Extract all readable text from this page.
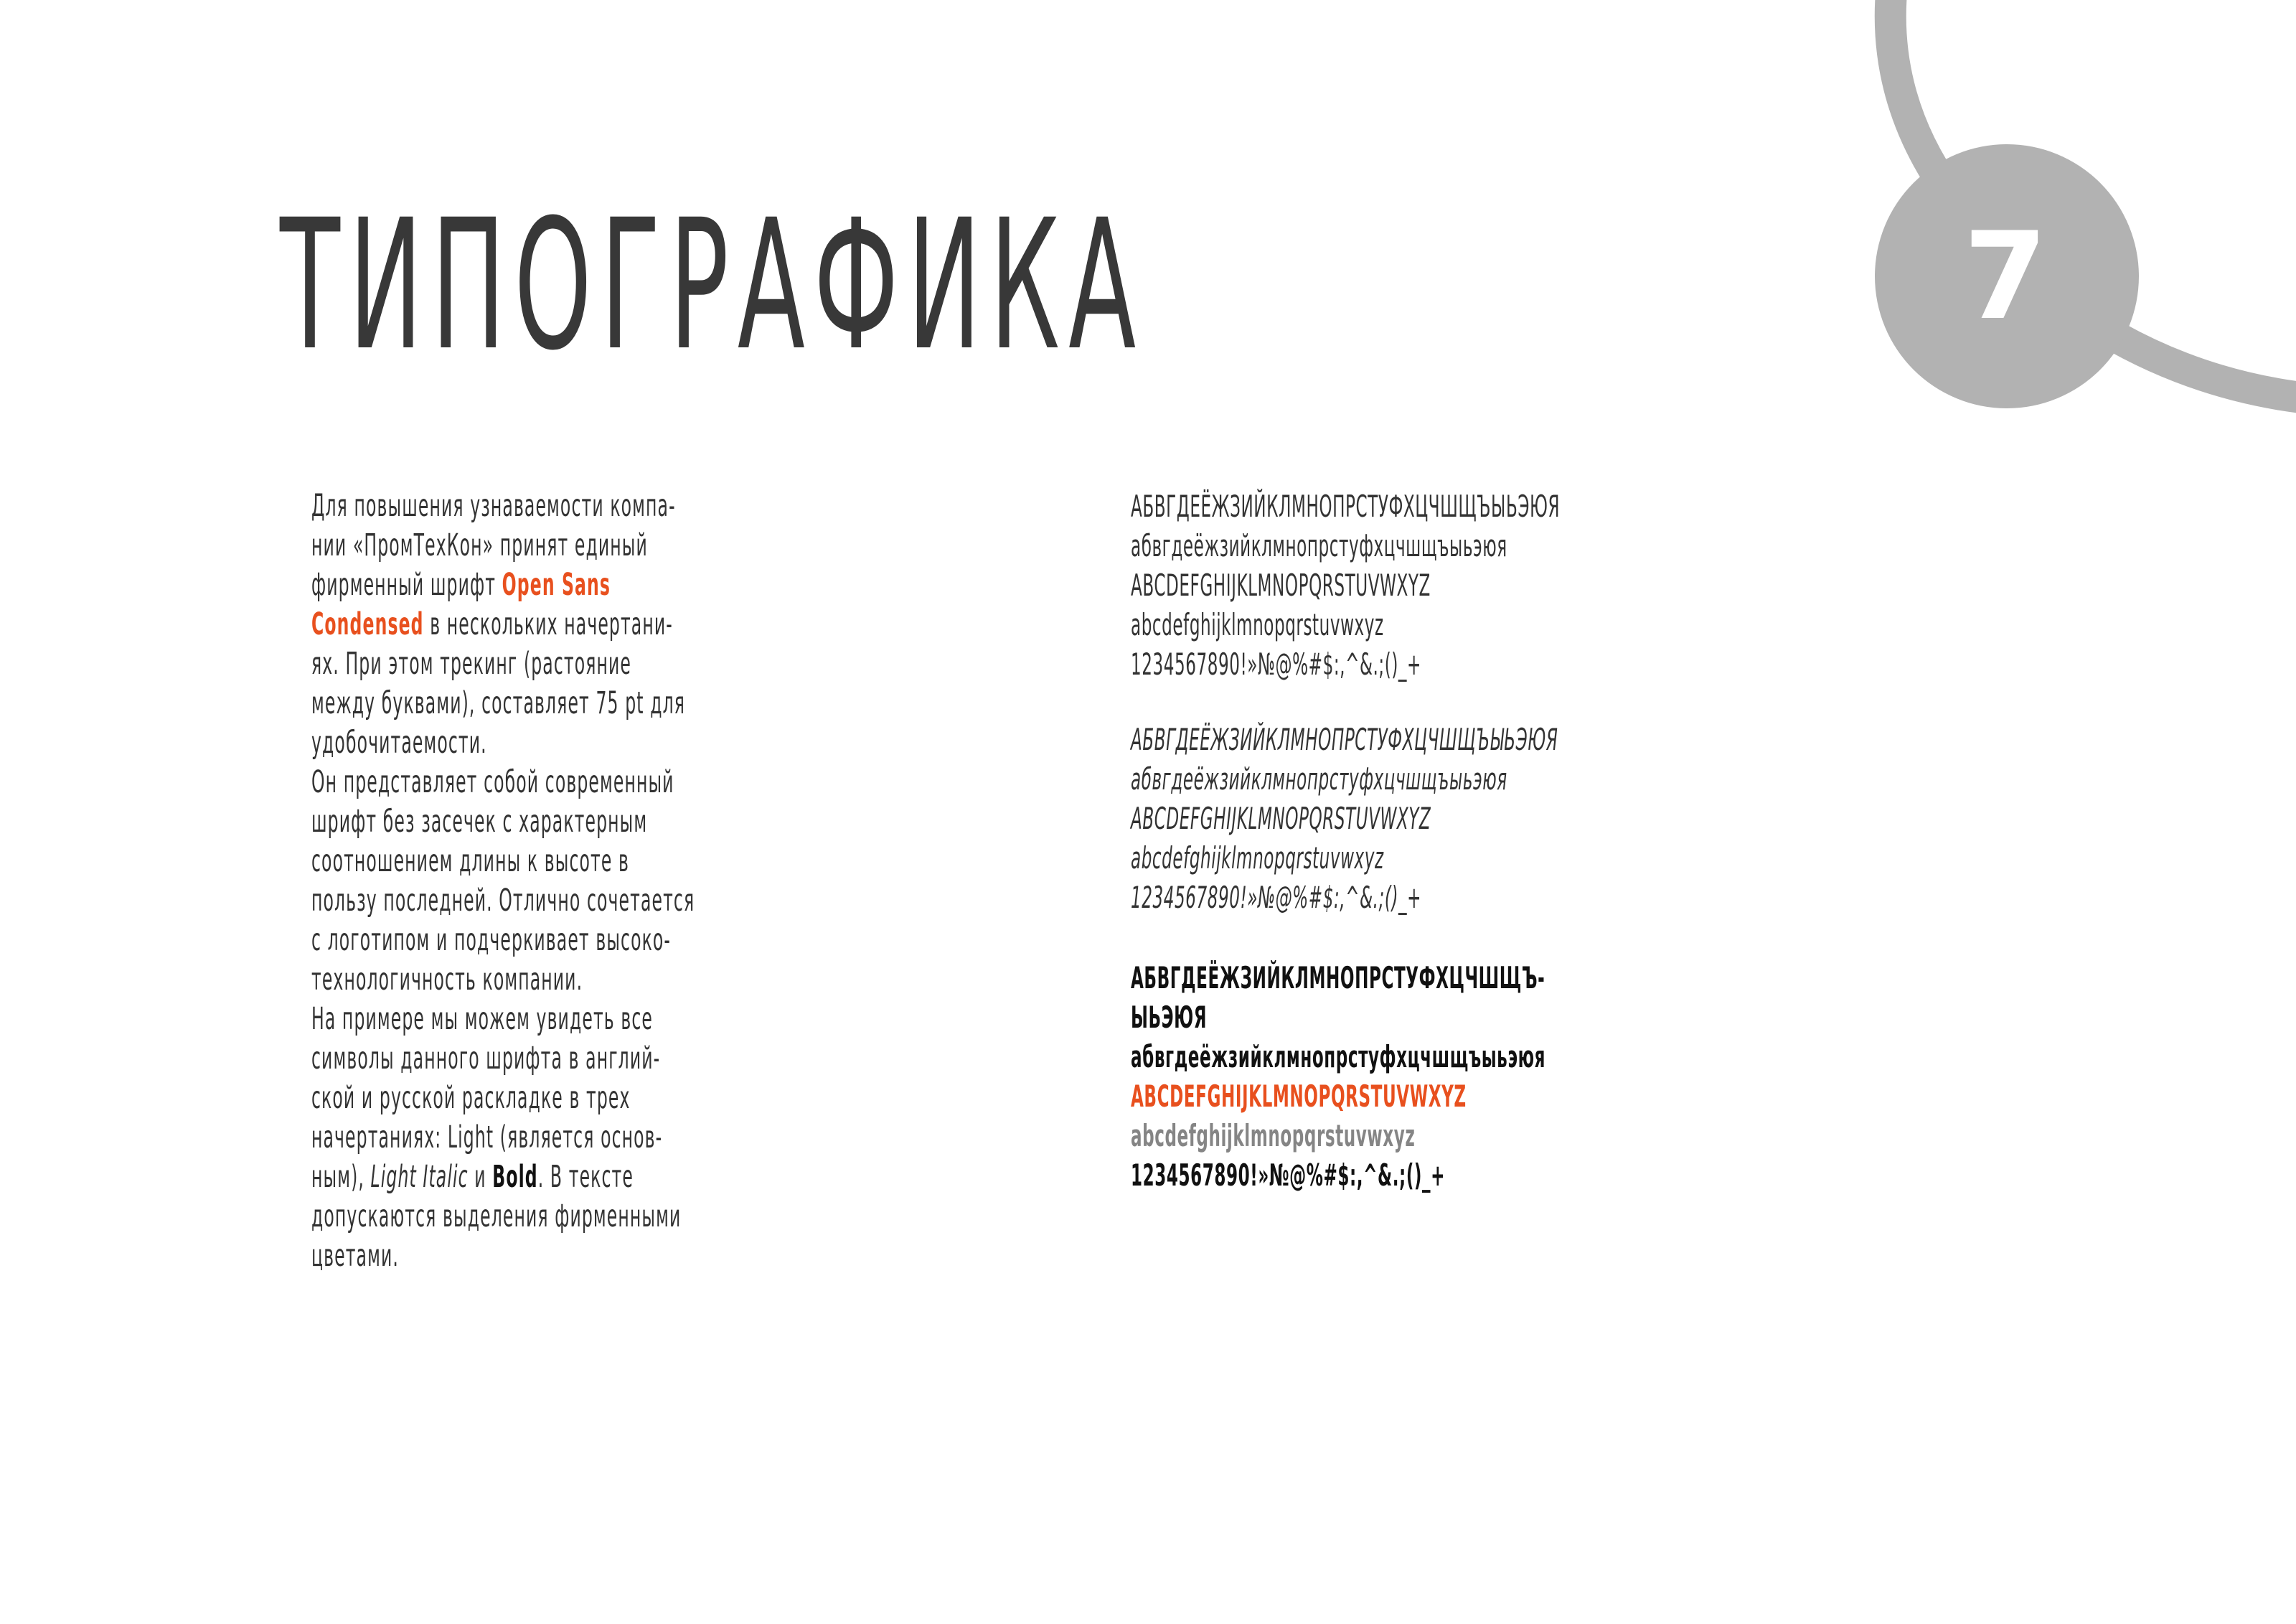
7
ТИПОГРАФИКА
Для повышения узнаваемости компа-
нии «ПромТехКон» принят единый
фирменный шрифт Open Sans
Condensed в нескольких начертани-
ях. При этом трекинг (растояние
между буквами), составляет 75 pt для
удобочитаемости.
Он представляет собой современный
шрифт без засечек с характерным
соотношением длины к высоте в
пользу последней. Отлично сочетается
с логотипом и подчеркивает высоко-
технологичность компании.
На примере мы можем увидеть все
символы данного шрифта в англий-
ской и русской раскладке в трех
начертаниях: Light (является основ-
ным), Light Italic и Bold. В тексте
допускаются выделения фирменными
цветами.
АБВГДЕЁЖЗИЙКЛМНОПРСТУФХЦЧШЩЪЫЬЭЮЯ
абвгдеёжзийклмнопрстуфхцчшщъыьэюя
ABCDEFGHIJKLMNOPQRSTUVWXYZ
abcdefghijklmnopqrstuvwxyz
1234567890!»№@%#$:,^&.;()_+
АБВГДЕЁЖЗИЙКЛМНОПРСТУФХЦЧШЩЪЫЬЭЮЯ
абвгдеёжзийклмнопрстуфхцчшщъыьэюя
ABCDEFGHIJKLMNOPQRSTUVWXYZ
abcdefghijklmnopqrstuvwxyz
1234567890!»№@%#$:,^&.;()_+
АБВГДЕЁЖЗИЙКЛМНОПРСТУФХЦЧШЩЪ-
ЫЬЭЮЯ
абвгдеёжзийклмнопрстуфхцчшщъыьэюя
ABCDEFGHIJKLMNOPQRSTUVWXYZ
abcdefghijklmnopqrstuvwxyz
1234567890!»№@%#$:,^&.;()_+
